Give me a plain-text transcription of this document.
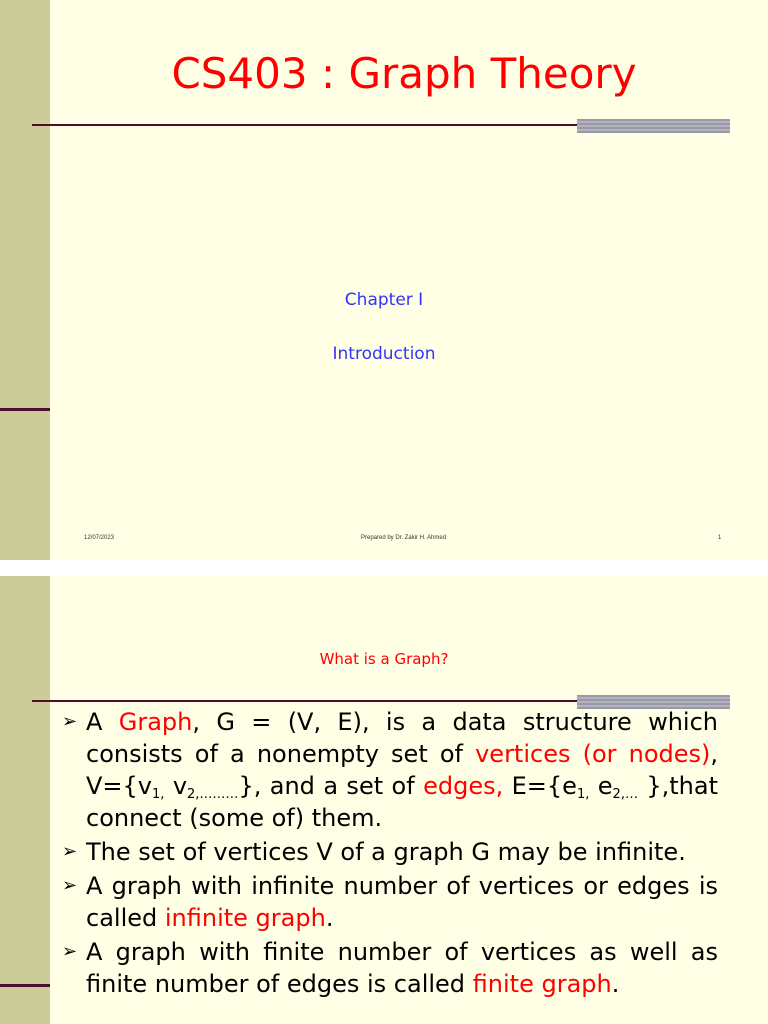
CS403 : Graph Theory
Chapter I
Introduction
12/07/2023	Prepared by Dr. Zakir H. Ahmed	1
What is a Graph?
➢ A Graph, G = (V, E), is a data structure which consists of a nonempty set of vertices (or nodes), $V=\{v_{1,}$ $v_{2,\dots\dots\dots}$}, and a set of edges, $E=\{e_{1,}$ $e_{2,\dots}$ },that connect (some of) them.
➢ The set of vertices V of a graph G may be infinite.
➢ A graph with infinite number of vertices or edges is called infinite graph.
➢ A graph with finite number of vertices as well as finite number of edges is called finite graph.
